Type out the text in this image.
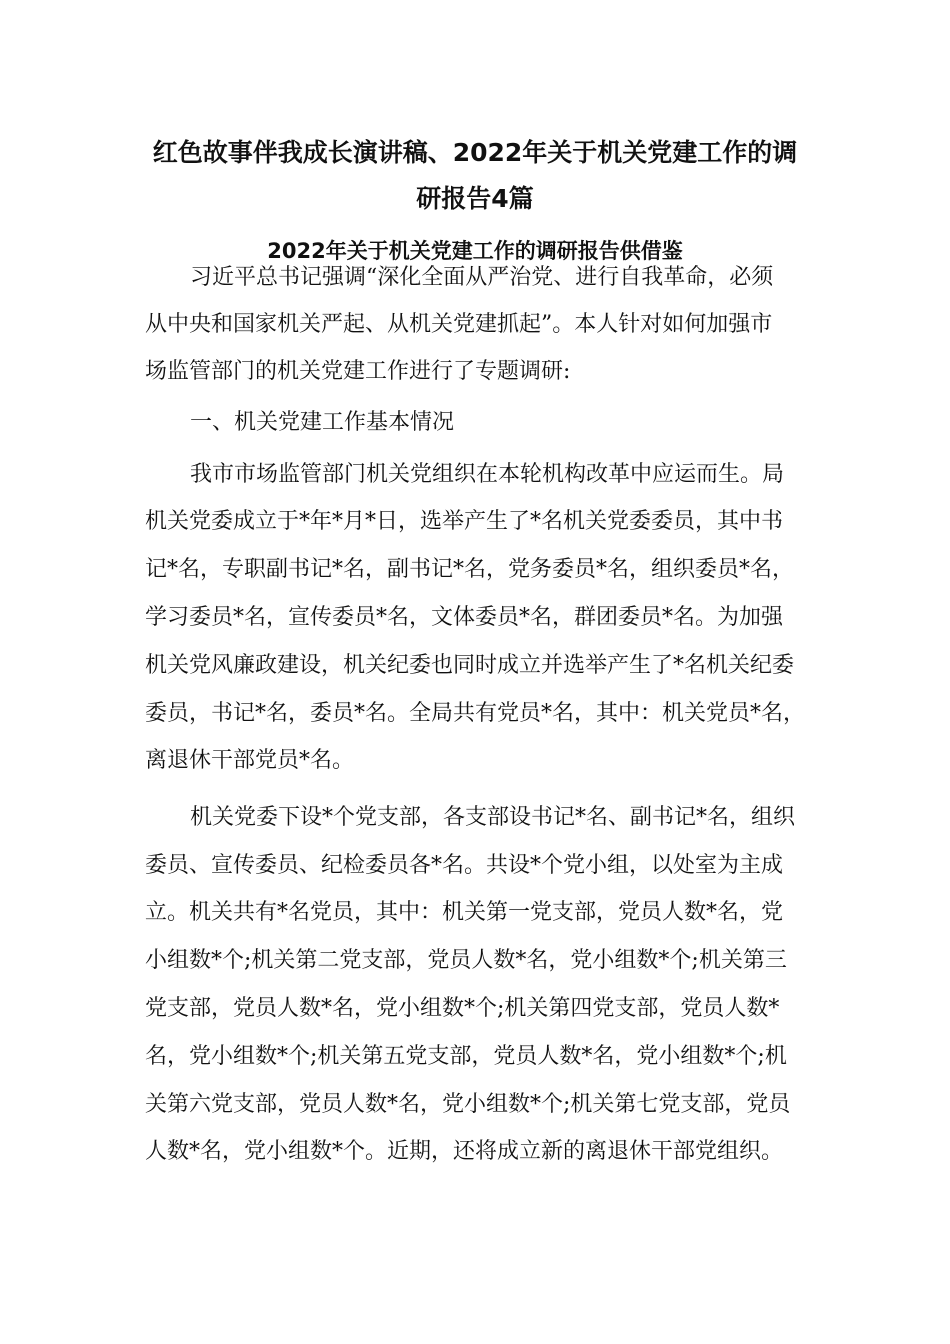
红色故事伴我成长演讲稿、2022年关于机关党建工作的调
研报告4篇
2022年关于机关党建工作的调研报告供借鉴

习近平总书记强调“深化全面从严治党、进行自我革命，必须

从中央和国家机关严起、从机关党建抓起”。本人针对如何加强市

场监管部门的机关党建工作进行了专题调研:

一、机关党建工作基本情况

我市市场监管部门机关党组织在本轮机构改革中应运而生。局

机关党委成立于*年*月*日，选举产生了*名机关党委委员，其中书

记*名，专职副书记*名，副书记*名，党务委员*名，组织委员*名，

学习委员*名，宣传委员*名，文体委员*名，群团委员*名。为加强

机关党风廉政建设，机关纪委也同时成立并选举产生了*名机关纪委

委员，书记*名，委员*名。全局共有党员*名，其中：机关党员*名，

离退休干部党员*名。

机关党委下设*个党支部，各支部设书记*名、副书记*名，组织

委员、宣传委员、纪检委员各*名。共设*个党小组，以处室为主成

立。机关共有*名党员，其中：机关第一党支部，党员人数*名，党

小组数*个;机关第二党支部，党员人数*名，党小组数*个;机关第三

党支部，党员人数*名，党小组数*个;机关第四党支部，党员人数*

名，党小组数*个;机关第五党支部，党员人数*名，党小组数*个;机

关第六党支部，党员人数*名，党小组数*个;机关第七党支部，党员

人数*名，党小组数*个。近期，还将成立新的离退休干部党组织。
